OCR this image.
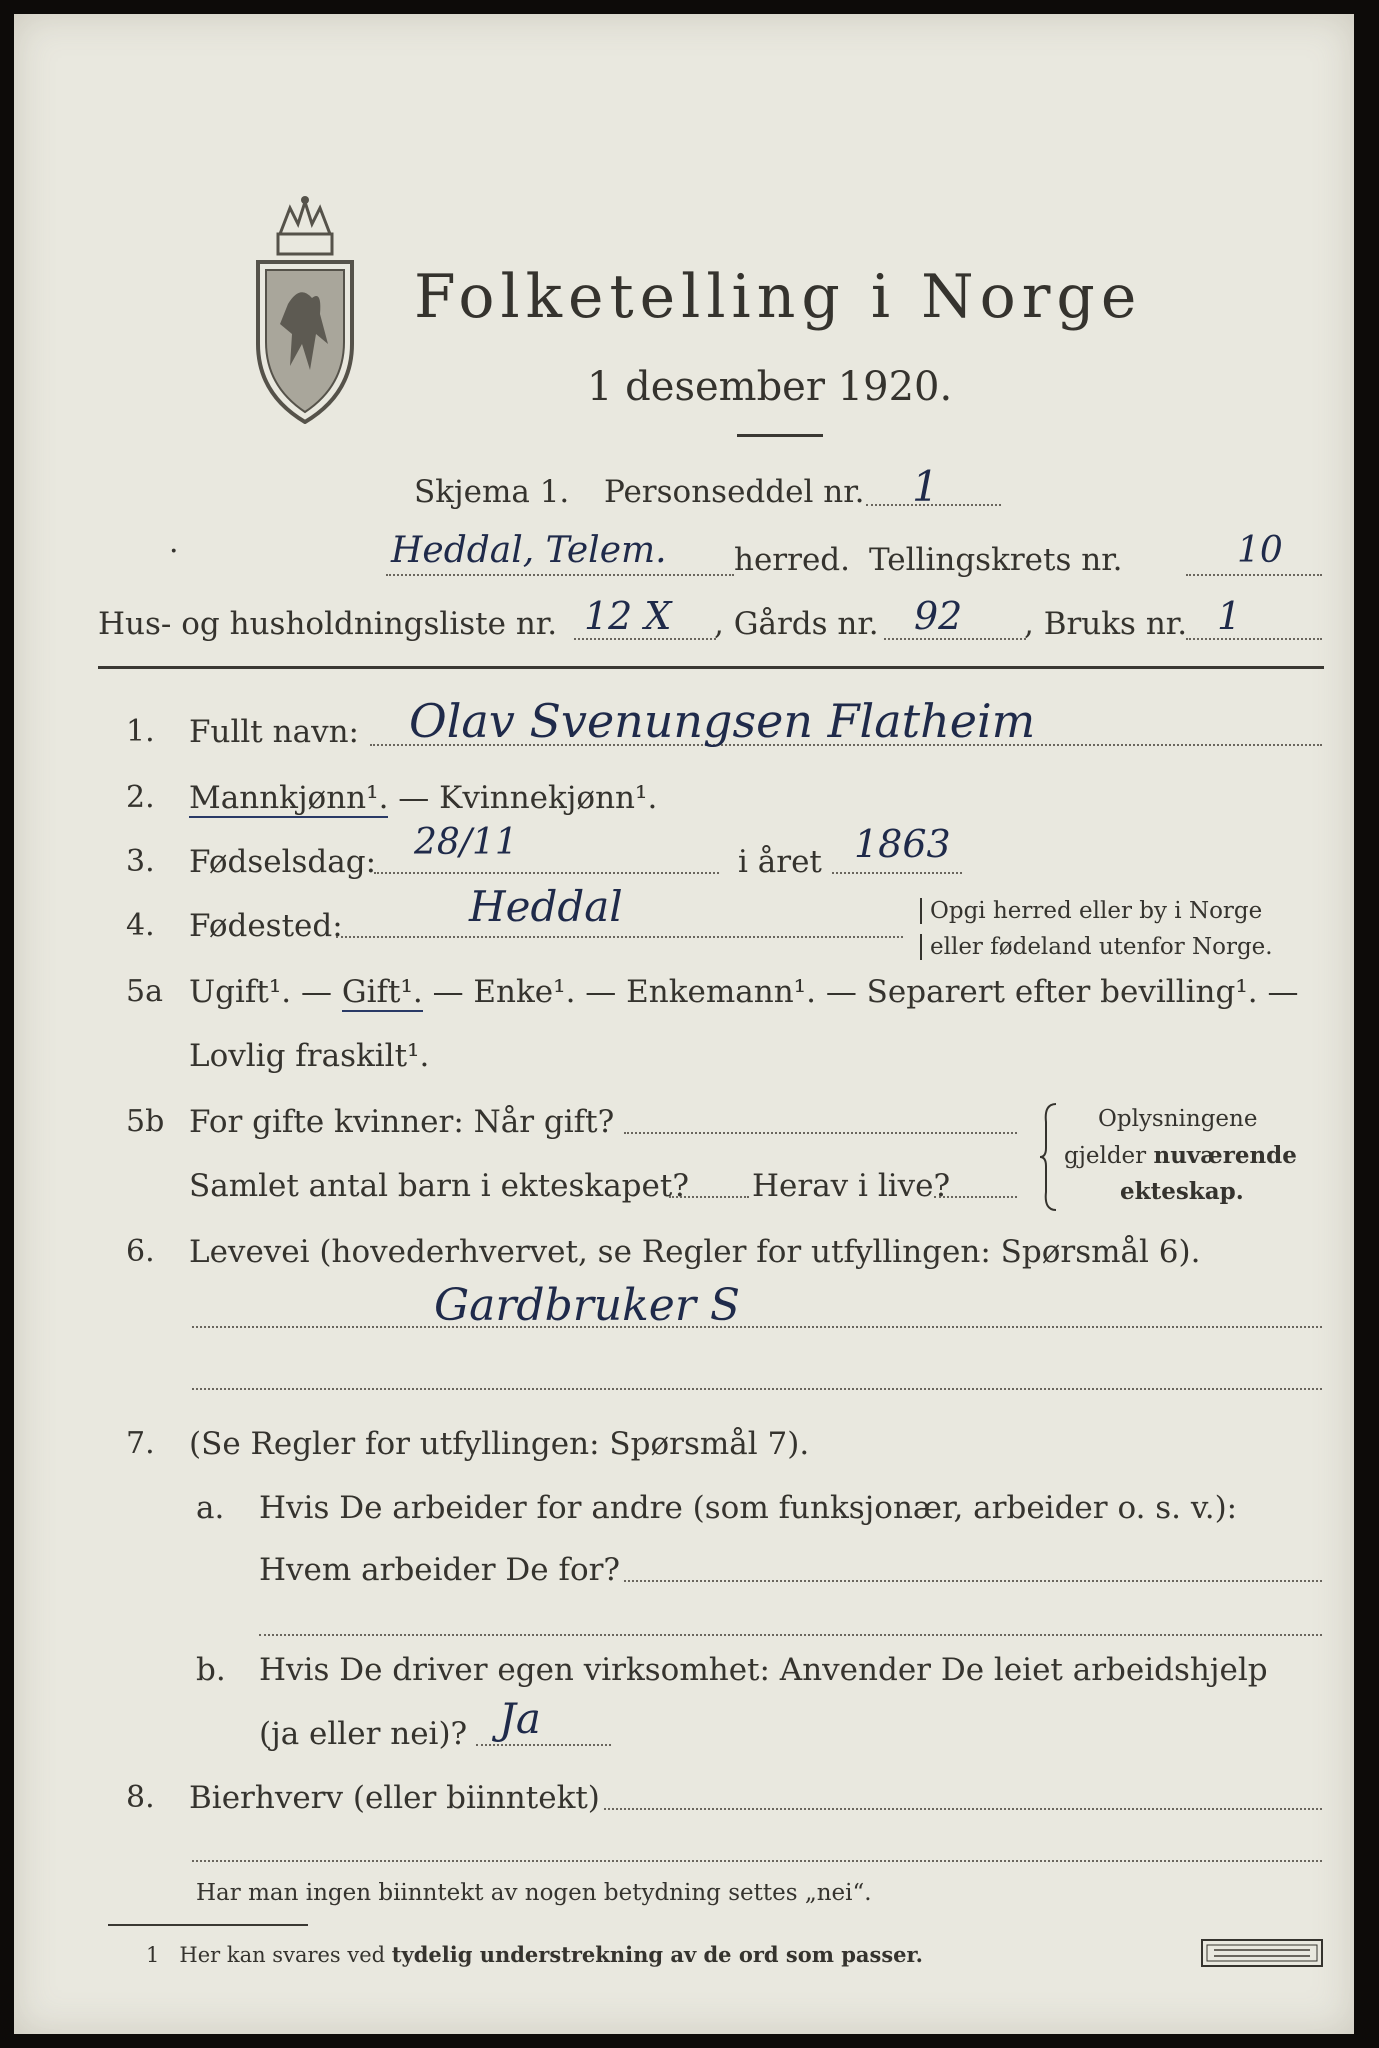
Folketelling i Norge
1 desember 1920.
Skjema 1. Personseddel nr. 1
·	Heddal, Telem. herred. Tellingskrets nr.	10
Hus- og husholdningsliste nr. 12 X , Gårds nr. 92 , Bruks nr. 1
1. Fullt navn: Olav Svenungsen Flatheim
2. Mannkjønn¹. — Kvinnekjønn¹.
3. Fødselsdag: 28/11	i året 1863
4. Fødested:	Heddal	Opgi herred eller by i Norge
eller fødeland utenfor Norge.
5a Ugift¹. — Gift¹. — Enke¹. — Enkemann¹. — Separert efter bevilling¹. —
Lovlig fraskilt¹.
5b For gifte kvinner: Når gift?
Samlet antal barn i ekteskapet? Herav i live?
Oplysningene
gjelder nuværende
ekteskap.
6. Levevei (hovederhvervet, se Regler for utfyllingen: Spørsmål 6).
Gardbruker S
7. (Se Regler for utfyllingen: Spørsmål 7).
a. Hvis De arbeider for andre (som funksjonær, arbeider o. s. v.):
Hvem arbeider De for?
b. Hvis De driver egen virksomhet: Anvender De leiet arbeidshjelp
(ja eller nei)? Ja
8. Bierhverv (eller biinntekt)
Har man ingen biinntekt av nogen betydning settes „nei“.
1 Her kan svares ved tydelig understrekning av de ord som passer.
